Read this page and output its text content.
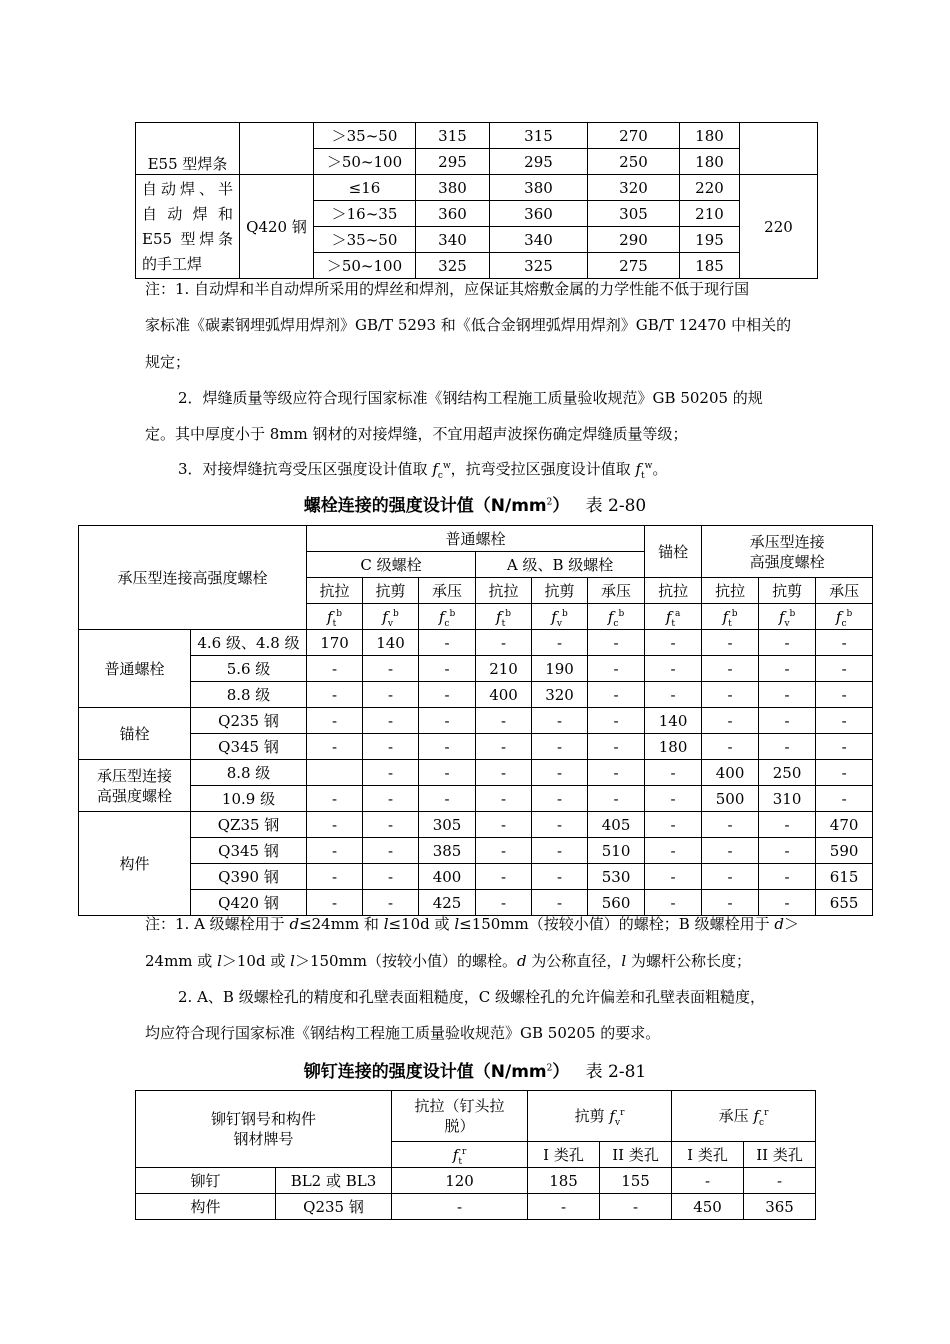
E55 型焊条		＞35~50	315	315	270	180	
		＞50~100	295	295	250	180	

自动焊、半
自 动 焊 和
E55 型焊条
的手工焊	Q420 钢	≤16	380	380	320	220	220
		＞16~35	360	360	305	210	
		＞35~50	340	340	290	195	
		＞50~100	325	325	275	185	
注：1. 自动焊和半自动焊所采用的焊丝和焊剂，应保证其熔敷金属的力学性能不低于现行国
家标准《碳素钢埋弧焊用焊剂》GB/T 5293 和《低合金钢埋弧焊用焊剂》GB/T 12470 中相关的
规定；
2．焊缝质量等级应符合现行国家标准《钢结构工程施工质量验收规范》GB 50205 的规
定。其中厚度小于 8mm 钢材的对接焊缝，不宜用超声波探伤确定焊缝质量等级；
3．对接焊缝抗弯受压区强度设计值取 $f_c^w$，抗弯受拉区强度设计值取 $f_t^w$。
螺栓连接的强度设计值$(N/mm^2)$ 表 2-80
承压型连接高强度螺栓		普通螺栓						锚栓	承压型连接
高强度螺栓		
		C 级螺栓			A 级、B 级螺栓						
		抗拉	抗剪	承压	抗拉	抗剪	承压	抗拉	抗拉	抗剪	承压
		$f_t^b$	$f_v^b$	$f_c^b$	$f_t^b$	$f_v^b$	$f_c^b$	$f_t^a$	$f_t^b$	$f_v^b$	$f_c^b$
普通螺栓	4.6 级、4.8 级	170	140	-	-	-	-	-	-	-	-
	5.6 级	-	-	-	210	190	-	-	-	-	-
	8.8 级	-	-	-	400	320	-	-	-	-	-
锚栓	Q235 钢	-	-	-	-	-	-	140	-	-	-
	Q345 钢	-	-	-	-	-	-	180	-	-	-
承压型连接
高强度螺栓	8.8 级		-	-	-	-	-	-	400	250	-
	10.9 级	-	-	-	-	-	-	-	500	310	-
构件	QZ35 钢	-	-	305	-	-	405	-	-	-	470
	Q345 钢	-	-	385	-	-	510	-	-	-	590
	Q390 钢	-	-	400	-	-	530	-	-	-	615
	Q420 钢	-	-	425	-	-	560	-	-	-	655
注：1. A 级螺栓用于 d≤24mm 和 l≤10d 或 l≤150mm（按较小值）的螺栓；B 级螺栓用于 d＞
24mm 或 l＞10d 或 l＞150mm（按较小值）的螺栓。d 为公称直径，l 为螺杆公称长度；
2. A、B 级螺栓孔的精度和孔壁表面粗糙度，C 级螺栓孔的允许偏差和孔壁表面粗糙度，
均应符合现行国家标准《钢结构工程施工质量验收规范》GB 50205 的要求。
铆钉连接的强度设计值$(N/mm^2)$ 表 2-81
铆钉钢号和构件
钢材牌号		抗拉（钉头拉
脱）	抗剪 $f_v^r$		承压 $f_c^r$
		$f_t^r$	I 类孔	II 类孔	I 类孔	II 类孔
铆钉	BL2 或 BL3	120	185	155	-	-
构件	Q235 钢	-	-	-	450	365
